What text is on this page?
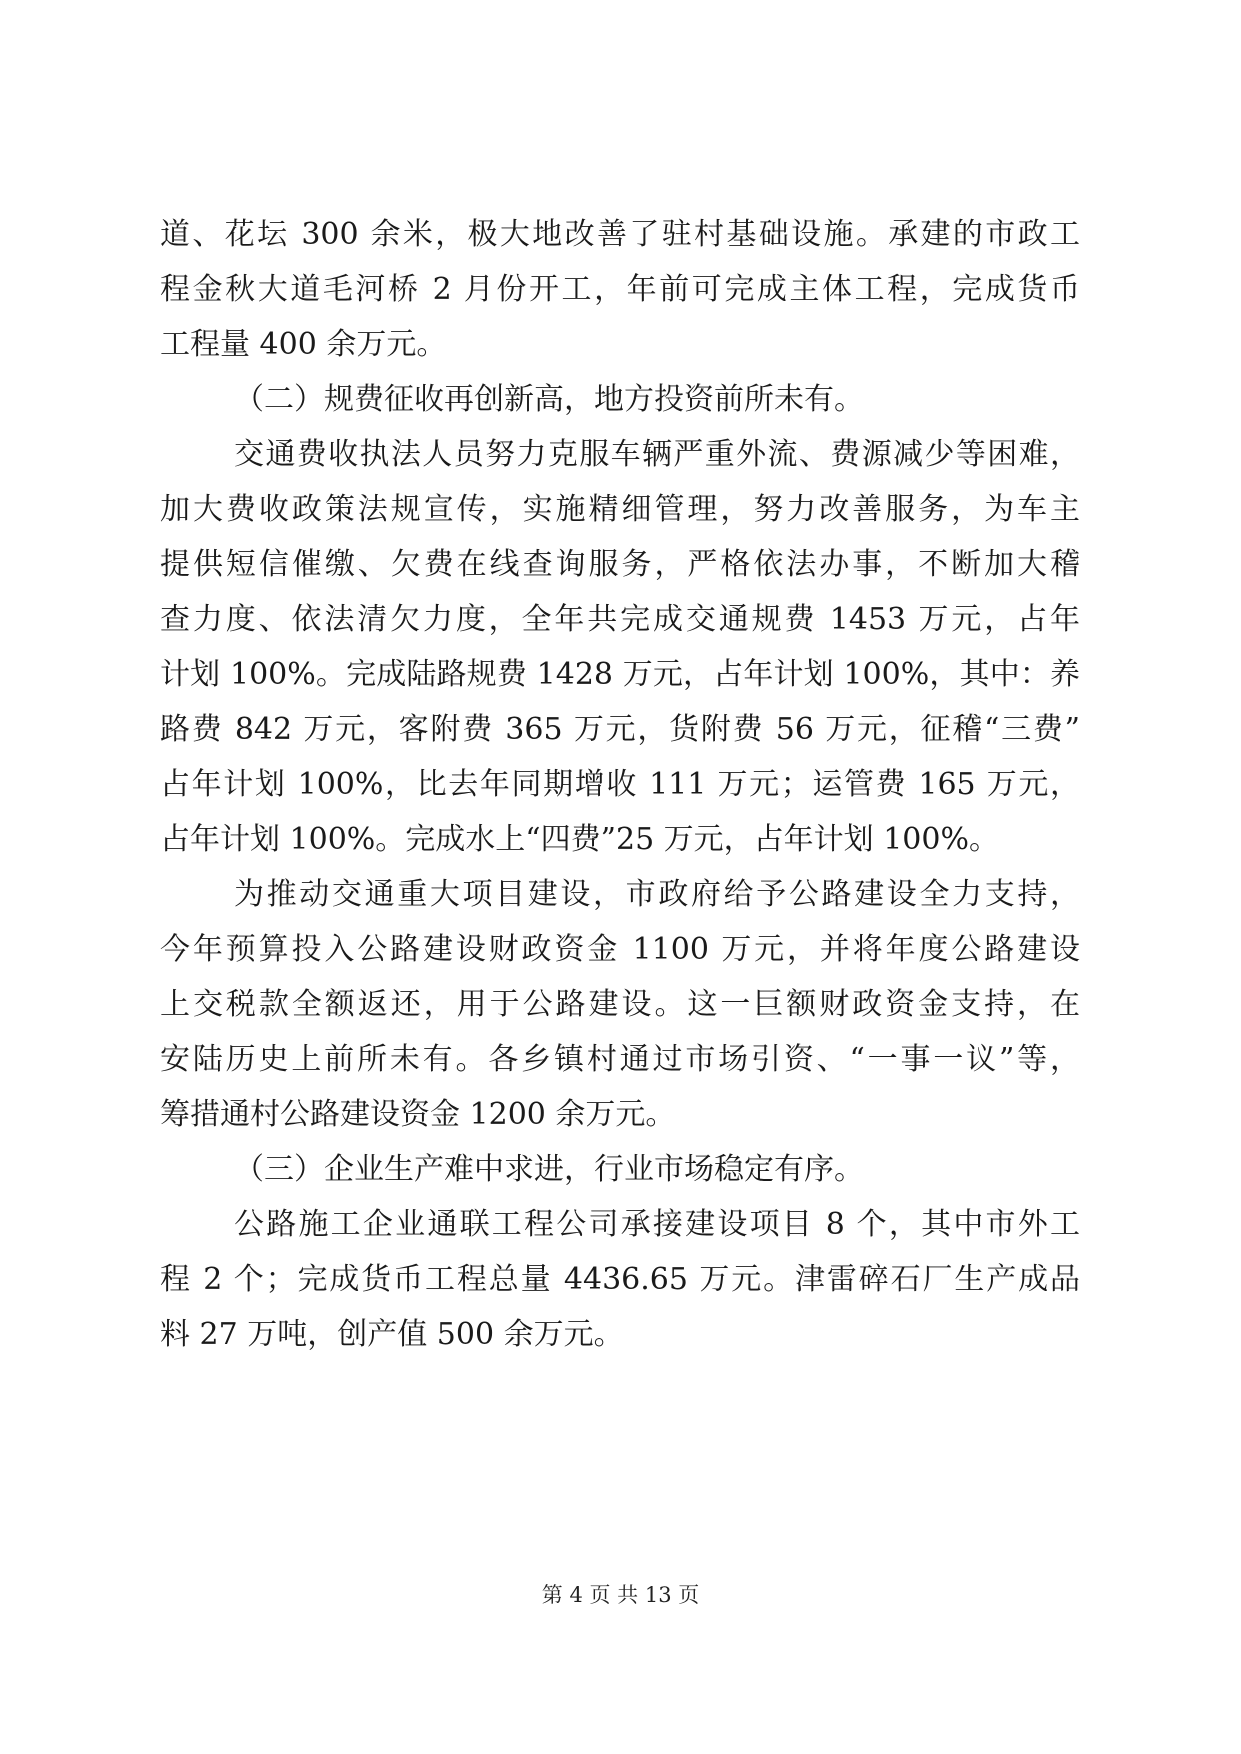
道、花坛 300 余米，极大地改善了驻村基础设施。承建的市政工
程金秋大道毛河桥 2 月份开工，年前可完成主体工程，完成货币
工程量 400 余万元。
（二）规费征收再创新高，地方投资前所未有。
交通费收执法人员努力克服车辆严重外流、费源减少等困难，
加大费收政策法规宣传，实施精细管理，努力改善服务，为车主
提供短信催缴、欠费在线查询服务，严格依法办事，不断加大稽
查力度、依法清欠力度，全年共完成交通规费 1453 万元，占年
计划 100%。完成陆路规费 1428 万元，占年计划 100%，其中：养
路费 842 万元，客附费 365 万元，货附费 56 万元，征稽“三费”
占年计划 100%，比去年同期增收 111 万元；运管费 165 万元，
占年计划 100%。完成水上“四费”25 万元，占年计划 100%。
为推动交通重大项目建设，市政府给予公路建设全力支持，
今年预算投入公路建设财政资金 1100 万元，并将年度公路建设
上交税款全额返还，用于公路建设。这一巨额财政资金支持，在
安陆历史上前所未有。各乡镇村通过市场引资、“一事一议”等，
筹措通村公路建设资金 1200 余万元。
（三）企业生产难中求进，行业市场稳定有序。
公路施工企业通联工程公司承接建设项目 8 个，其中市外工
程 2 个；完成货币工程总量 4436.65 万元。津雷碎石厂生产成品
料 27 万吨，创产值 500 余万元。
第 4 页 共 13 页
